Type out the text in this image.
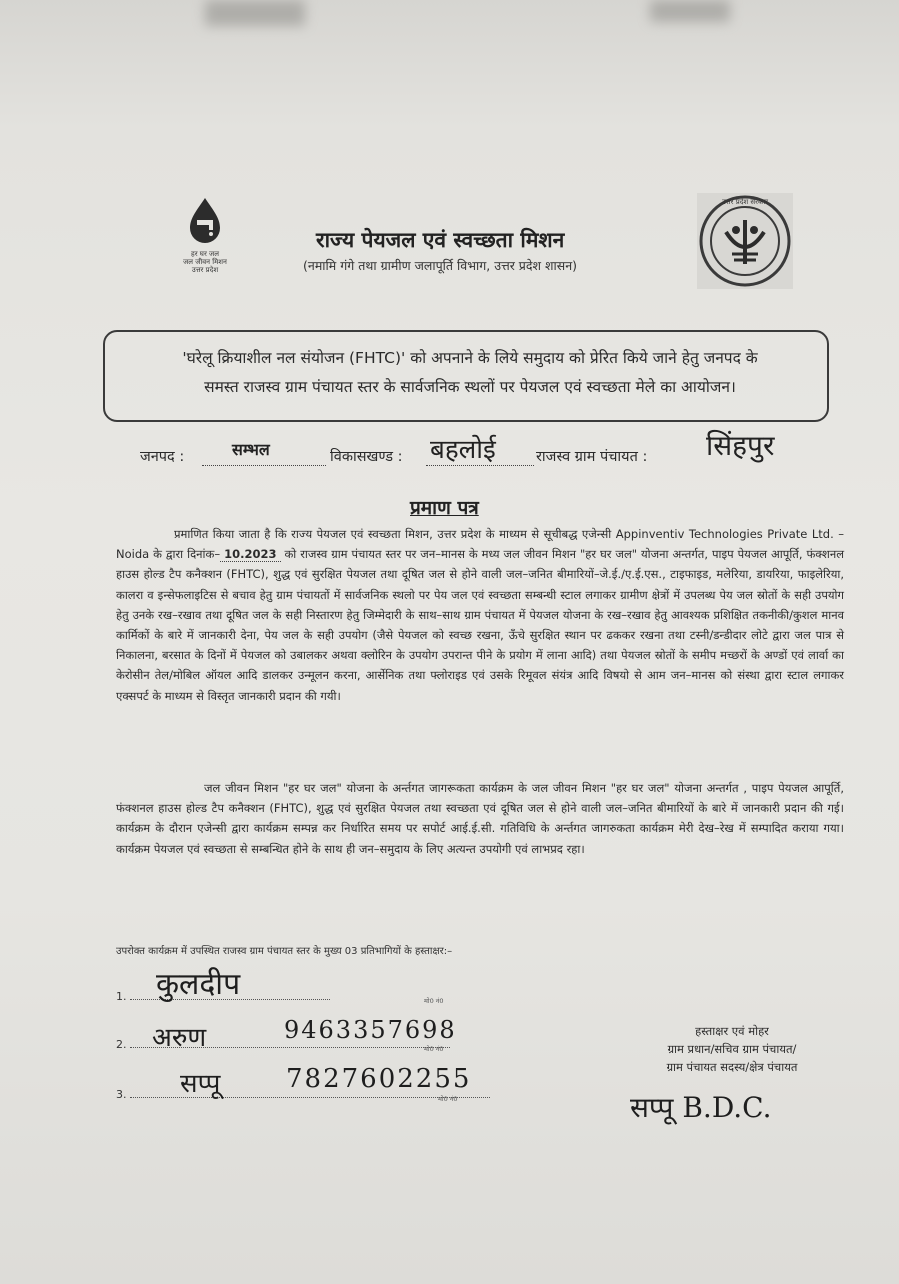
हर घर जल
जल जीवन मिशन
उत्तर प्रदेश
उत्तर प्रदेश सरकार
राज्य पेयजल एवं स्वच्छता मिशन
(नमामि गंगे तथा ग्रामीण जलापूर्ति विभाग, उत्तर प्रदेश शासन)
'घरेलू क्रियाशील नल संयोजन (FHTC)' को अपनाने के लिये समुदाय को प्रेरित किये जाने हेतु जनपद के
समस्त राजस्व ग्राम पंचायत स्तर के सार्वजनिक स्थलों पर पेयजल एवं स्वच्छता मेले का आयोजन।
जनपद :	सम्भल	विकासखण्ड : बहलोई	राजस्व ग्राम पंचायत : सिंहपुर
प्रमाण पत्र
प्रमाणित किया जाता है कि राज्य पेयजल एवं स्वच्छता मिशन, उत्तर प्रदेश के माध्यम से सूचीबद्ध एजेन्सी Appinventiv Technologies Private Ltd. – Noida के द्वारा दिनांक– 10.2023 को राजस्व ग्राम पंचायत स्तर पर जन–मानस के मध्य जल जीवन मिशन "हर घर जल" योजना अन्तर्गत, पाइप पेयजल आपूर्ति, फंक्शनल हाउस होल्ड टैप कनैक्शन (FHTC), शुद्ध एवं सुरक्षित पेयजल तथा दूषित जल से होने वाली जल–जनित बीमारियों–जे.ई./ए.ई.एस., टाइफाइड, मलेरिया, डायरिया, फाइलेरिया, कालरा व इन्सेफलाइटिस से बचाव हेतु ग्राम पंचायतों में सार्वजनिक स्थलो पर पेय जल एवं स्वच्छता सम्बन्धी स्टाल लगाकर ग्रामीण क्षेत्रों में उपलब्ध पेय जल स्रोतों के सही उपयोग हेतु उनके रख–रखाव तथा दूषित जल के सही निस्तारण हेतु जिम्मेदारी के साथ–साथ ग्राम पंचायत में पेयजल योजना के रख–रखाव हेतु आवश्यक प्रशिक्षित तकनीकी/कुशल मानव कार्मिकों के बारे में जानकारी देना, पेय जल के सही उपयोग (जैसे पेयजल को स्वच्छ रखना, ऊँचे सुरक्षित स्थान पर ढककर रखना तथा टस्नी/डन्डीदार लोटे द्वारा जल पात्र से निकालना, बरसात के दिनों में पेयजल को उबालकर अथवा क्लोरिन के उपयोग उपरान्त पीने के प्रयोग में लाना आदि) तथा पेयजल स्रोतों के समीप मच्छरों के अण्डों एवं लार्वा का केरोसीन तेल/मोबिल ऑयल आदि डालकर उन्मूलन करना, आर्सेनिक तथा फ्लोराइड एवं उसके रिमूवल संयंत्र आदि विषयो से आम जन–मानस को संस्था द्वारा स्टाल लगाकर एक्सपर्ट के माध्यम से विस्तृत जानकारी प्रदान की गयी।
जल जीवन मिशन "हर घर जल" योजना के अर्न्तगत जागरूकता कार्यक्रम के जल जीवन मिशन "हर घर जल" योजना अन्तर्गत , पाइप पेयजल आपूर्ति, फंक्शनल हाउस होल्ड टैप कनैक्शन (FHTC), शुद्ध एवं सुरक्षित पेयजल तथा स्वच्छता एवं दूषित जल से होने वाली जल–जनित बीमारियों के बारे में जानकारी प्रदान की गई। कार्यक्रम के दौरान एजेन्सी द्वारा कार्यक्रम सम्पन्न कर निर्धारित समय पर सपोर्ट आई.ई.सी. गतिविधि के अर्न्तगत जागरुकता कार्यक्रम मेरी देख–रेख में सम्पादित कराया गया। कार्यक्रम पेयजल एवं स्वच्छता से सम्बन्धित होने के साथ ही जन–समुदाय के लिए अत्यन्त उपयोगी एवं लाभप्रद रहा।
उपरोक्त कार्यक्रम में उपस्थित राजस्व ग्राम पंचायत स्तर के मुख्य 03 प्रतिभागियों के हस्ताक्षर:–
1. कुलदीप	मो0 नं0
2. अरुण	9463357698
मो0 नं0
3.	सप्पू	7827602255
मो0 नं0
हस्ताक्षर एवं मोहर
ग्राम प्रधान/सचिव ग्राम पंचायत/
ग्राम पंचायत सदस्य/क्षेत्र पंचायत
सप्पू B.D.C.
